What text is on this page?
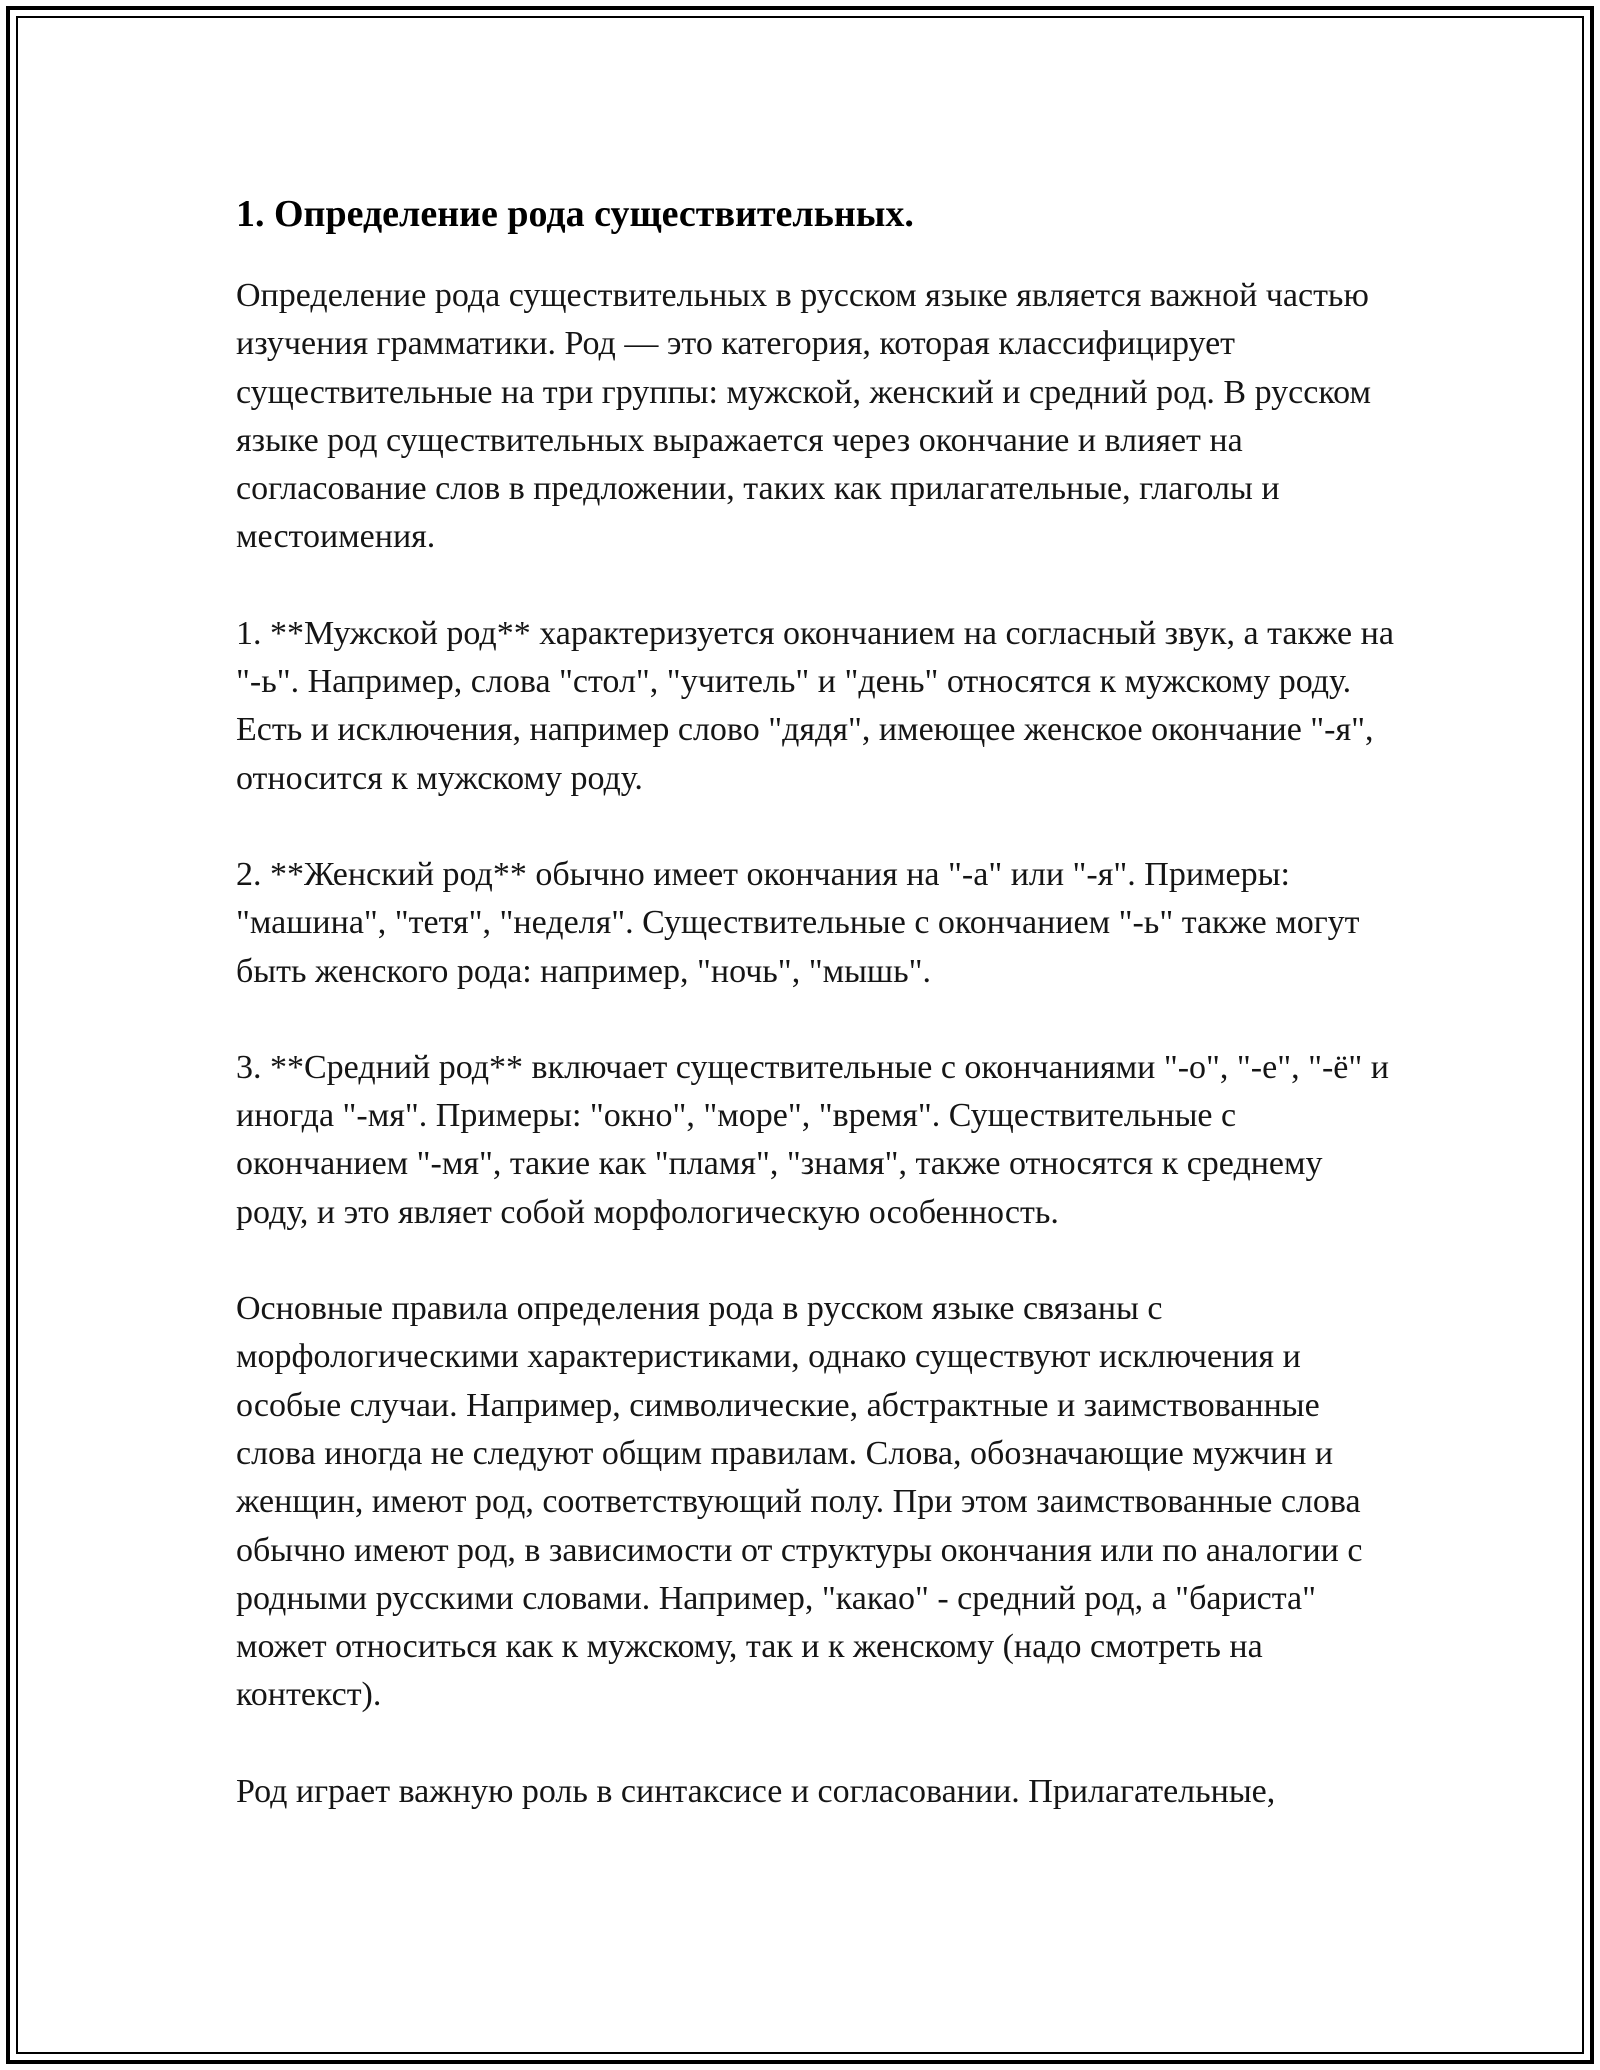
1. Определение рода существительных.

Определение рода существительных в русском языке является важной частью изучения грамматики. Род — это категория, которая классифицирует существительные на три группы: мужской, женский и средний род. В русском языке род существительных выражается через окончание и влияет на согласование слов в предложении, таких как прилагательные, глаголы и местоимения.

1. **Мужской род** характеризуется окончанием на согласный звук, а также на "-ь". Например, слова "стол", "учитель" и "день" относятся к мужскому роду. Есть и исключения, например слово "дядя", имеющее женское окончание "-я", относится к мужскому роду.

2. **Женский род** обычно имеет окончания на "-а" или "-я". Примеры: "машина", "тетя", "неделя". Существительные с окончанием "-ь" также могут быть женского рода: например, "ночь", "мышь".

3. **Средний род** включает существительные с окончаниями "-о", "-е", "-ё" и иногда "-мя". Примеры: "окно", "море", "время". Существительные с окончанием "-мя", такие как "пламя", "знамя", также относятся к среднему роду, и это являет собой морфологическую особенность.

Основные правила определения рода в русском языке связаны с морфологическими характеристиками, однако существуют исключения и особые случаи. Например, символические, абстрактные и заимствованные слова иногда не следуют общим правилам. Слова, обозначающие мужчин и женщин, имеют род, соответствующий полу. При этом заимствованные слова обычно имеют род, в зависимости от структуры окончания или по аналогии с родными русскими словами. Например, "какао" - средний род, а "бариста" может относиться как к мужскому, так и к женскому (надо смотреть на контекст).

Род играет важную роль в синтаксисе и согласовании. Прилагательные,
